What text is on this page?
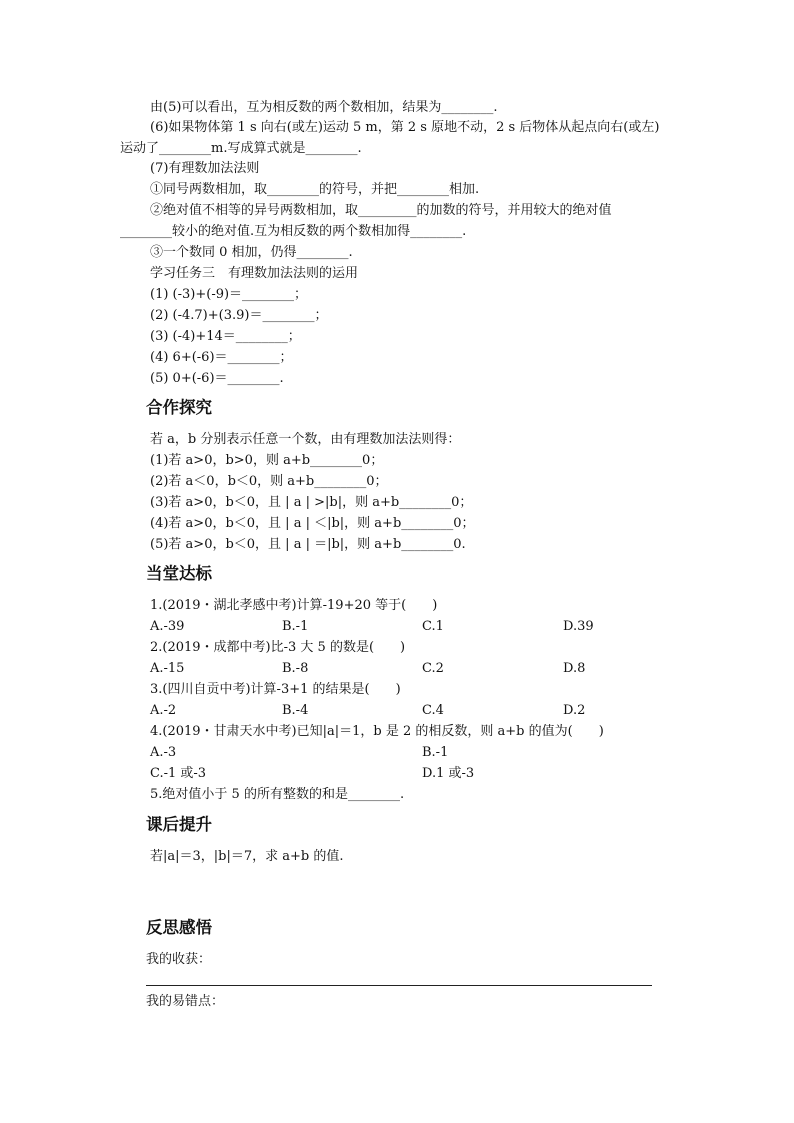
由(5)可以看出，互为相反数的两个数相加，结果为________.
(6)如果物体第 1 s 向右(或左)运动 5 m，第 2 s 原地不动，2 s 后物体从起点向右(或左)
运动了________m.写成算式就是________.
(7)有理数加法法则
①同号两数相加，取________的符号，并把________相加.
②绝对值不相等的异号两数相加，取_________的加数的符号，并用较大的绝对值
________较小的绝对值.互为相反数的两个数相加得________.
③一个数同 0 相加，仍得________.
学习任务三　有理数加法法则的运用
(1) (-3)+(-9)＝________；
(2) (-4.7)+(3.9)＝________；
(3) (-4)+14＝________；
(4) 6+(-6)＝________；
(5) 0+(-6)＝________.
合作探究
若 a，b 分别表示任意一个数，由有理数加法法则得：
(1)若 a>0，b>0，则 a+b________0；
(2)若 a＜0，b＜0，则 a+b________0；
(3)若 a>0，b＜0，且 | a | >|b|，则 a+b________0；
(4)若 a>0，b＜0，且 | a | ＜|b|，则 a+b________0；
(5)若 a>0，b＜0，且 | a | ＝|b|，则 a+b________0.
当堂达标
1.(2019・湖北孝感中考)计算-19+20 等于(　　)
A.-39	B.-1	C.1	D.39
2.(2019・成都中考)比-3 大 5 的数是(　　)
A.-15	B.-8	C.2	D.8
3.(四川自贡中考)计算-3+1 的结果是(　　)
A.-2	B.-4	C.4	D.2
4.(2019・甘肃天水中考)已知|a|＝1，b 是 2 的相反数，则 a+b 的值为(　　)
A.-3	B.-1
C.-1 或-3	D.1 或-3
5.绝对值小于 5 的所有整数的和是________.
课后提升
若|a|＝3，|b|＝7，求 a+b 的值.
反思感悟
我的收获：
我的易错点：
